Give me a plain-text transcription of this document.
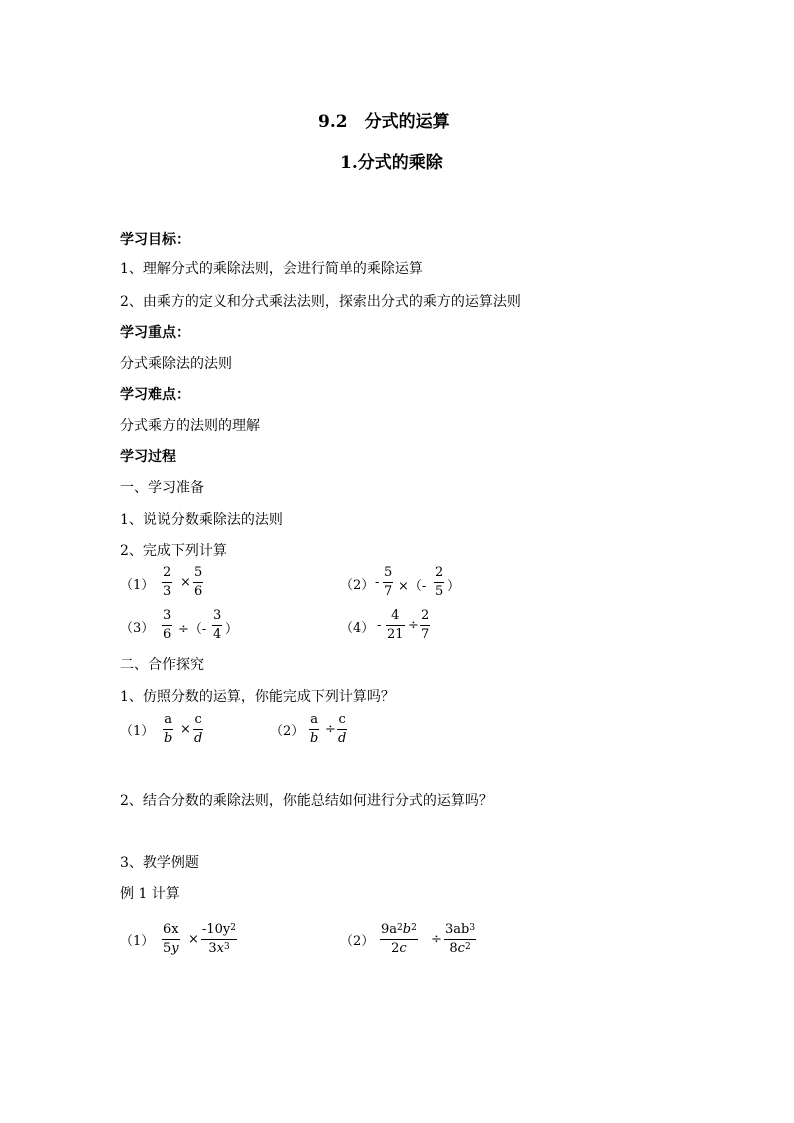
9.2　分式的运算
1.分式的乘除
学习目标：
1、理解分式的乘除法则，会进行简单的乘除运算
2、由乘方的定义和分式乘法法则，探索出分式的乘方的运算法则
学习重点：
分式乘除法的法则
学习难点：
分式乘方的法则的理解
学习过程
一、学习准备
1、说说分数乘除法的法则
2、完成下列计算
$(1) \frac{2}{3} \times \frac{5}{6}$	$(2) - \frac{5}{7}$ ×（- $\frac{2}{5}$ ）
$(3) \frac{3}{6}$ ÷（- $\frac{3}{4}$ ）	$(4) - \frac{4}{21} \div \frac{2}{7}$
二、合作探究
1、仿照分数的运算，你能完成下列计算吗？
$(1) \frac{a}{b} \times \frac{c}{d}$	$(2) \frac{a}{b} \div \frac{c}{d}$
2、结合分数的乘除法则，你能总结如何进行分式的运算吗？
3、教学例题
例 1 计算
$(1) \frac{6x}{5y} \times \frac{-10y^2}{3x^3}$	$(2) \frac{9a^2b^2}{2c} \div \frac{3ab^3}{8c^2}$
